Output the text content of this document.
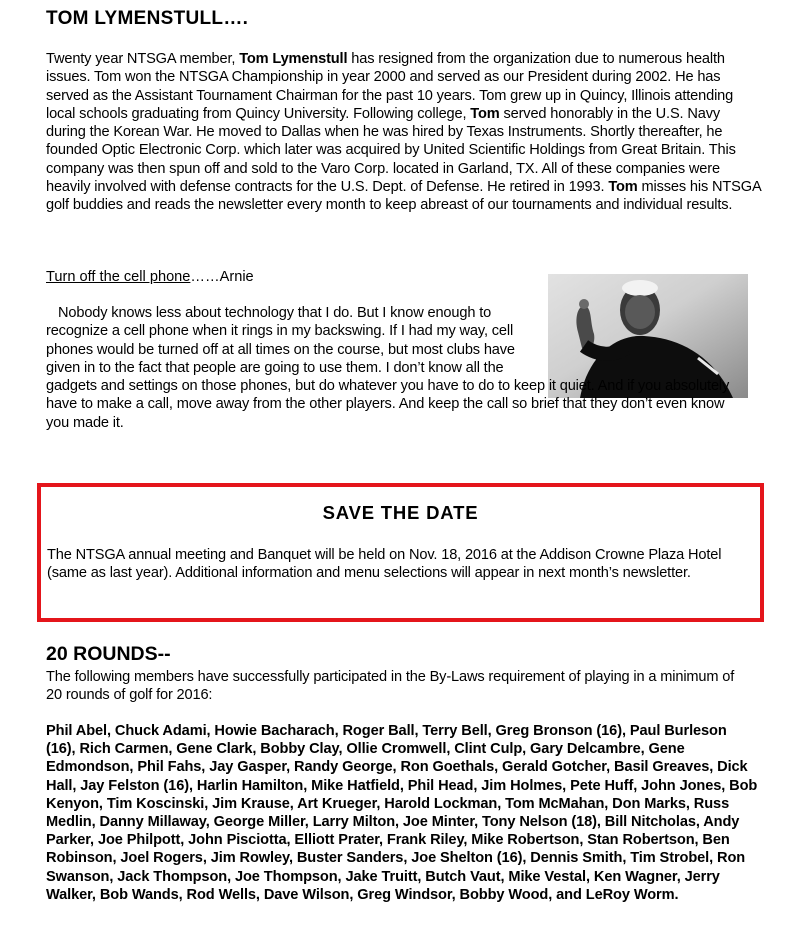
TOM LYMENSTULL….

Twenty year NTSGA member, Tom Lymenstull has resigned from the organization due to numerous health issues. Tom won the NTSGA Championship in year 2000 and served as our President during 2002. He has served as the Assistant Tournament Chairman for the past 10 years. Tom grew up in Quincy, Illinois attending local schools graduating from Quincy University. Following college, Tom served honorably in the U.S. Navy during the Korean War. He moved to Dallas when he was hired by Texas Instruments. Shortly thereafter, he founded Optic Electronic Corp. which later was acquired by United Scientific Holdings from Great Britain. This company was then spun off and sold to the Varo Corp. located in Garland, TX. All of these companies were heavily involved with defense contracts for the U.S. Dept. of Defense. He retired in 1993. Tom misses his NTSGA golf buddies and reads the newsletter every month to keep abreast of our tournaments and individual results.

Turn off the cell phone……Arnie

Nobody knows less about technology that I do. But I know enough to recognize a cell phone when it rings in my backswing. If I had my way, cell phones would be turned off at all times on the course, but most clubs have given in to the fact that people are going to use them. I don’t know all the gadgets and settings on those phones, but do whatever you have to do to keep it quiet. And if you absolutely have to make a call, move away from the other players. And keep the call so brief that they don’t even know you made it.

SAVE THE DATE

The NTSGA annual meeting and Banquet will be held on Nov. 18, 2016 at the Addison Crowne Plaza Hotel (same as last year). Additional information and menu selections will appear in next month’s newsletter.

20 ROUNDS--

The following members have successfully participated in the By-Laws requirement of playing in a minimum of 20 rounds of golf for 2016:

Phil Abel, Chuck Adami, Howie Bacharach, Roger Ball, Terry Bell, Greg Bronson (16), Paul Burleson (16), Rich Carmen, Gene Clark, Bobby Clay, Ollie Cromwell, Clint Culp, Gary Delcambre, Gene Edmondson, Phil Fahs, Jay Gasper, Randy George, Ron Goethals, Gerald Gotcher, Basil Greaves, Dick Hall, Jay Felston (16), Harlin Hamilton, Mike Hatfield, Phil Head, Jim Holmes, Pete Huff, John Jones, Bob Kenyon, Tim Koscinski, Jim Krause, Art Krueger, Harold Lockman, Tom McMahan, Don Marks, Russ Medlin, Danny Millaway, George Miller, Larry Milton, Joe Minter, Tony Nelson (18), Bill Nitcholas, Andy Parker, Joe Philpott, John Pisciotta, Elliott Prater, Frank Riley, Mike Robertson, Stan Robertson, Ben Robinson, Joel Rogers, Jim Rowley, Buster Sanders, Joe Shelton (16), Dennis Smith, Tim Strobel, Ron Swanson, Jack Thompson, Joe Thompson, Jake Truitt, Butch Vaut, Mike Vestal, Ken Wagner, Jerry Walker, Bob Wands, Rod Wells, Dave Wilson, Greg Windsor, Bobby Wood, and LeRoy Worm.
